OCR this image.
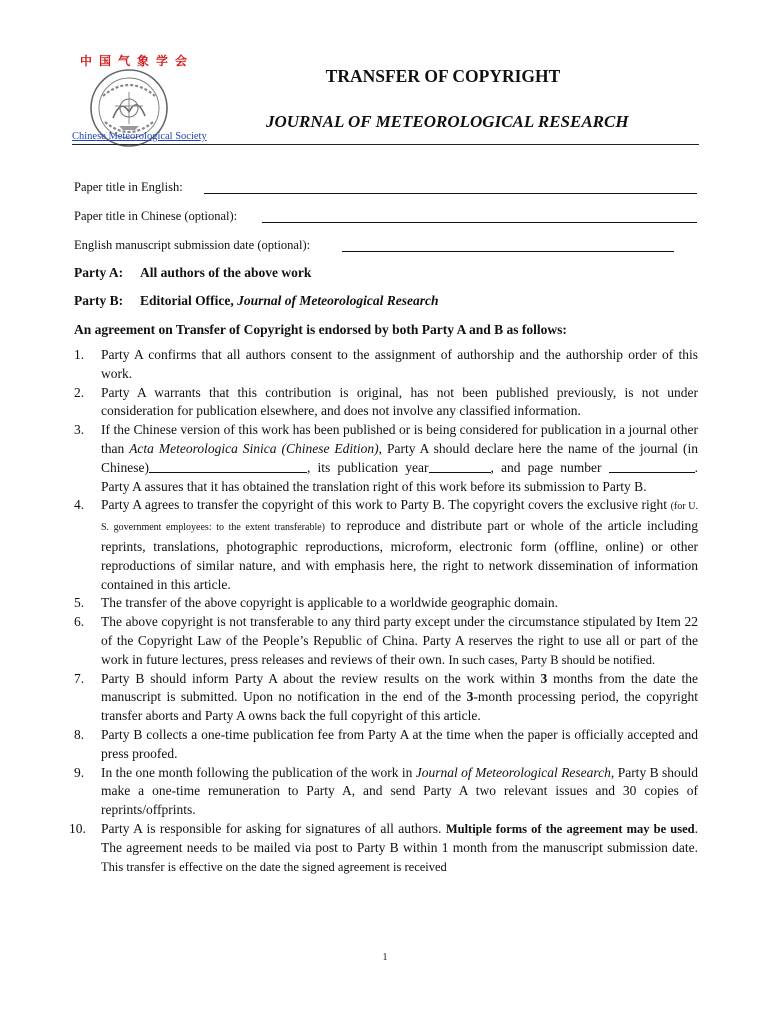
中国气象学会
Chinese Meteorological Society
TRANSFER OF COPYRIGHT
JOURNAL OF METEOROLOGICAL RESEARCH
Paper title in English:
Paper title in Chinese (optional):
English manuscript submission date (optional):
Party A: All authors of the above work
Party B: Editorial Office, Journal of Meteorological Research
An agreement on Transfer of Copyright is endorsed by both Party A and B as follows:
1. Party A confirms that all authors consent to the assignment of authorship and the authorship order of this work.
2. Party A warrants that this contribution is original, has not been published previously, is not under consideration for publication elsewhere, and does not involve any classified information.
3. If the Chinese version of this work has been published or is being considered for publication in a journal other than Acta Meteorologica Sinica (Chinese Edition), Party A should declare here the name of the journal (in Chinese)	, its publication year	, and page number	. Party A assures that it has obtained the translation right of this work before its submission to Party B.
4. Party A agrees to transfer the copyright of this work to Party B. The copyright covers the exclusive right (for U. S. government employees: to the extent transferable) to reproduce and distribute part or whole of the article including reprints, translations, photographic reproductions, microform, electronic form (offline, online) or other reproductions of similar nature, and with emphasis here, the right to network dissemination of information contained in this article.
5. The transfer of the above copyright is applicable to a worldwide geographic domain.
6. The above copyright is not transferable to any third party except under the circumstance stipulated by Item 22 of the Copyright Law of the People’s Republic of China. Party A reserves the right to use all or part of the work in future lectures, press releases and reviews of their own. In such cases, Party B should be notified.
7. Party B should inform Party A about the review results on the work within 3 months from the date the manuscript is submitted. Upon no notification in the end of the 3-month processing period, the copyright transfer aborts and Party A owns back the full copyright of this article.
8. Party B collects a one-time publication fee from Party A at the time when the paper is officially accepted and press proofed.
9. In the one month following the publication of the work in Journal of Meteorological Research, Party B should make a one-time remuneration to Party A, and send Party A two relevant issues and 30 copies of reprints/offprints.
10. Party A is responsible for asking for signatures of all authors. Multiple forms of the agreement may be used. The agreement needs to be mailed via post to Party B within 1 month from the manuscript submission date. This transfer is effective on the date the signed agreement is received
1
